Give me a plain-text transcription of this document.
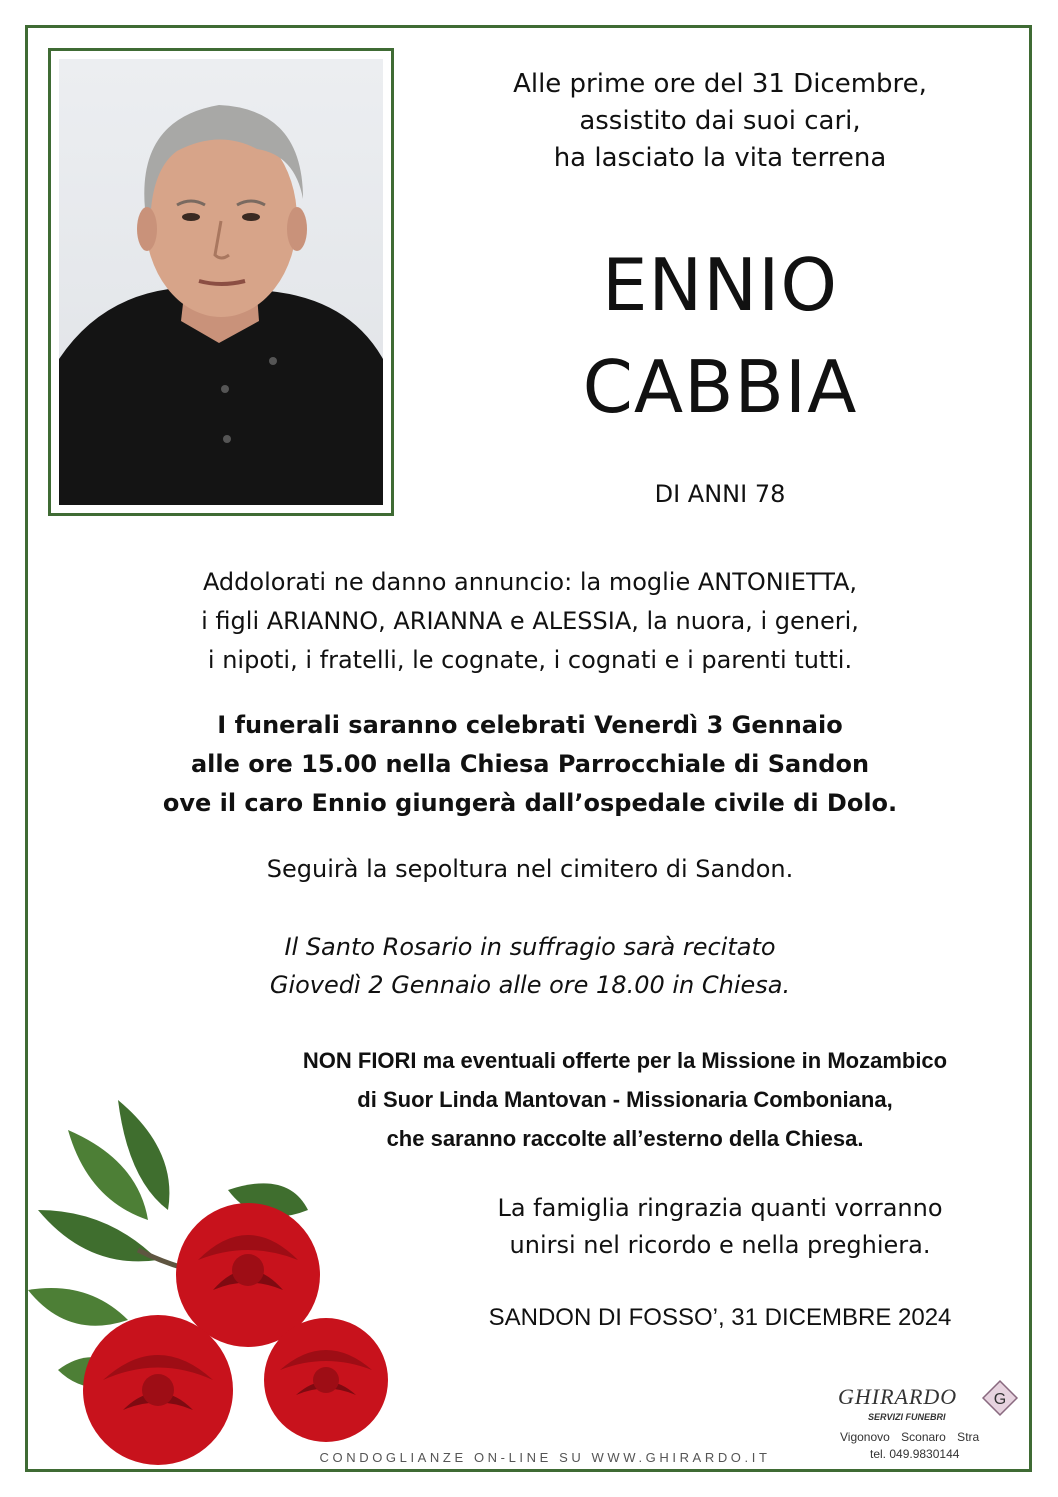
Alle prime ore del 31 Dicembre,
assistito dai suoi cari,
ha lasciato la vita terrena
ENNIO
CABBIA
DI ANNI 78
Addolorati ne danno annuncio: la moglie ANTONIETTA,
i figli ARIANNO, ARIANNA e ALESSIA, la nuora, i generi,
i nipoti, i fratelli, le cognate, i cognati e i parenti tutti.
I funerali saranno celebrati Venerdì 3 Gennaio
alle ore 15.00 nella Chiesa Parrocchiale di Sandon
ove il caro Ennio giungerà dall’ospedale civile di Dolo.
Seguirà la sepoltura nel cimitero di Sandon.
Il Santo Rosario in suffragio sarà recitato
Giovedì 2 Gennaio alle ore 18.00 in Chiesa.
NON FIORI ma eventuali offerte per la Missione in Mozambico
di Suor Linda Mantovan - Missionaria Comboniana,
che saranno raccolte all’esterno della Chiesa.
La famiglia ringrazia quanti vorranno
unirsi nel ricordo e nella preghiera.
SANDON DI FOSSO’, 31 DICEMBRE 2024
CONDOGLIANZE ON-LINE SU WWW.GHIRARDO.IT
GHIRARDO
SERVIZI FUNEBRI
G
Vigonovo Sconaro Stra
tel. 049.9830144
